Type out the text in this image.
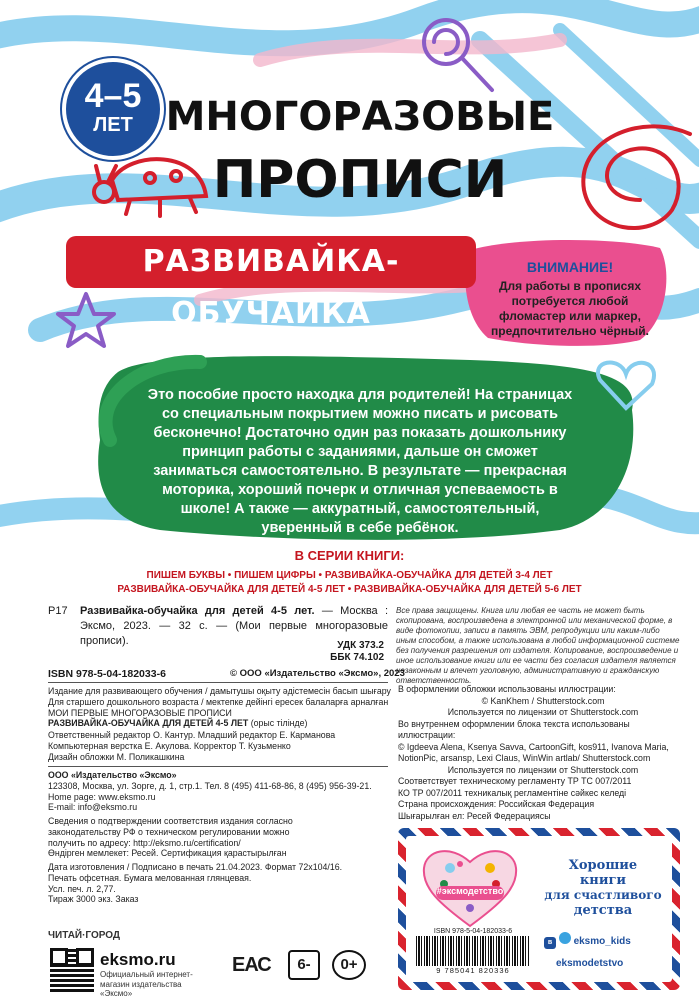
4–5
ЛЕТ МНОГОРАЗОВЫЕ
ПРОПИСИ
РАЗВИВАЙКА-ОБУЧАЙКА
ВНИМАНИЕ!
Для работы в прописях потребуется любой фломастер или маркер, предпочтительно чёрный.
Это пособие просто находка для родителей! На страницах со специальным покрытием можно писать и рисовать бесконечно! Достаточно один раз показать дошкольнику принцип работы с заданиями, дальше он сможет заниматься самостоятельно. В результате — прекрасная моторика, хороший почерк и отличная успеваемость в школе! А также — аккуратный, самостоятельный, уверенный в себе ребёнок.
В СЕРИИ КНИГИ:
ПИШЕМ БУКВЫ • ПИШЕМ ЦИФРЫ • РАЗВИВАЙКА-ОБУЧАЙКА ДЛЯ ДЕТЕЙ 3-4 ЛЕТ
РАЗВИВАЙКА-ОБУЧАЙКА ДЛЯ ДЕТЕЙ 4-5 ЛЕТ • РАЗВИВАЙКА-ОБУЧАЙКА ДЛЯ ДЕТЕЙ 5-6 ЛЕТ
Р17	Развивайка-обучайка для детей 4-5 лет. — Москва : Эксмо, 2023. — 32 с. — (Мои первые многоразовые прописи).	УДК 373.2
ББК 74.102
Все права защищены. Книга или любая ее часть не может быть скопирована, воспроизведена в электронной или механической форме, в виде фотокопии, записи в память ЭВМ, репродукции или каким-либо иным способом, а также использована в любой информационной системе без получения разрешения от издателя. Копирование, воспроизведение и иное использование книги или ее части без согласия издателя является незаконным и влечет уголовную, административную и гражданскую ответственность.
ISBN 978-5-04-182033-6	© ООО «Издательство «Эксмо», 2023
Издание для развивающего обучения / дамытушы оқыту әдістемесін басып шығару
Для старшего дошкольного возраста / мектепке дейінгі ересек балаларға арналған
МОИ ПЕРВЫЕ МНОГОРАЗОВЫЕ ПРОПИСИ
РАЗВИВАЙКА-ОБУЧАЙКА ДЛЯ ДЕТЕЙ 4-5 ЛЕТ (орыс тілінде)
Ответственный редактор О. Кантур. Младший редактор Е. Карманова
Компьютерная верстка Е. Акулова. Корректор Т. Кузьменко
Дизайн обложки М. Поликашкина
ООО «Издательство «Эксмо»
123308, Москва, ул. Зорге, д. 1, стр.1. Тел. 8 (495) 411-68-86, 8 (495) 956-39-21.
Home page: www.eksmo.ru
E-mail: info@eksmo.ru
Сведения о подтверждении соответствия издания согласно
законодательству РФ о техническом регулировании можно
получить по адресу: http://eksmo.ru/certification/
Өндірген мемлекет: Ресей. Сертификация қарастырылған
Дата изготовления / Подписано в печать 21.04.2023. Формат 72x104/16.
Печать офсетная. Бумага мелованная глянцевая.
Усл. печ. л. 2,77.
Тираж 3000 экз. Заказ
В оформлении обложки использованы иллюстрации:
© KanKhem / Shutterstock.com
Используется по лицензии от Shutterstock.com
Во внутреннем оформлении блока текста использованы иллюстрации:
© Igdeeva Alena, Ksenya Savva, CartoonGift, kos911, Ivanova Maria,
NotionPic, arsansp, Lexi Claus, WinWin artlab/ Shutterstock.com
Используется по лицензии от Shutterstock.com
Соответствует техническому регламенту ТР ТС 007/2011
КО ТР 007/2011 техникалық регламентіне сәйкес келеді
Страна происхождения: Российская Федерация
Шығарылған ел: Ресей Федерациясы
#эксмодетство
Хорошие
книги
для счастливого
детства
ISBN 978-5-04-182033-6
9 785041 820336
в eksmo_kids
eksmodetstvo
ЧИТАЙ·ГОРОД
eksmo.ru
Официальный интернет-магазин издательства «Эксмо»
ЕАС	6-	0+
